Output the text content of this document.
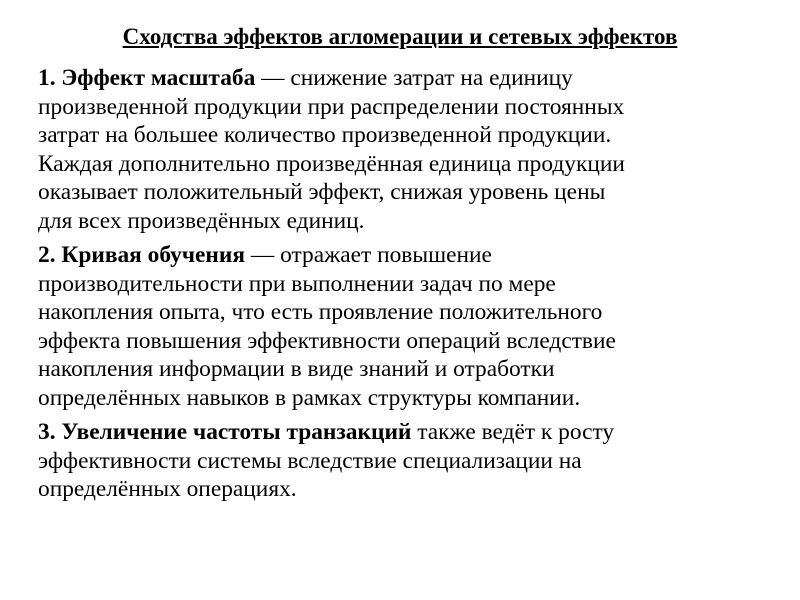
Сходства эффектов агломерации и сетевых эффектов

1. Эффект масштаба — снижение затрат на единицу
произведенной продукции при распределении постоянных
затрат на большее количество произведенной продукции.
Каждая дополнительно произведённая единица продукции
оказывает положительный эффект, снижая уровень цены
для всех произведённых единиц.

2. Кривая обучения — отражает повышение
производительности при выполнении задач по мере
накопления опыта, что есть проявление положительного
эффекта повышения эффективности операций вследствие
накопления информации в виде знаний и отработки
определённых навыков в рамках структуры компании.

3. Увеличение частоты транзакций также ведёт к росту
эффективности системы вследствие специализации на
определённых операциях.
